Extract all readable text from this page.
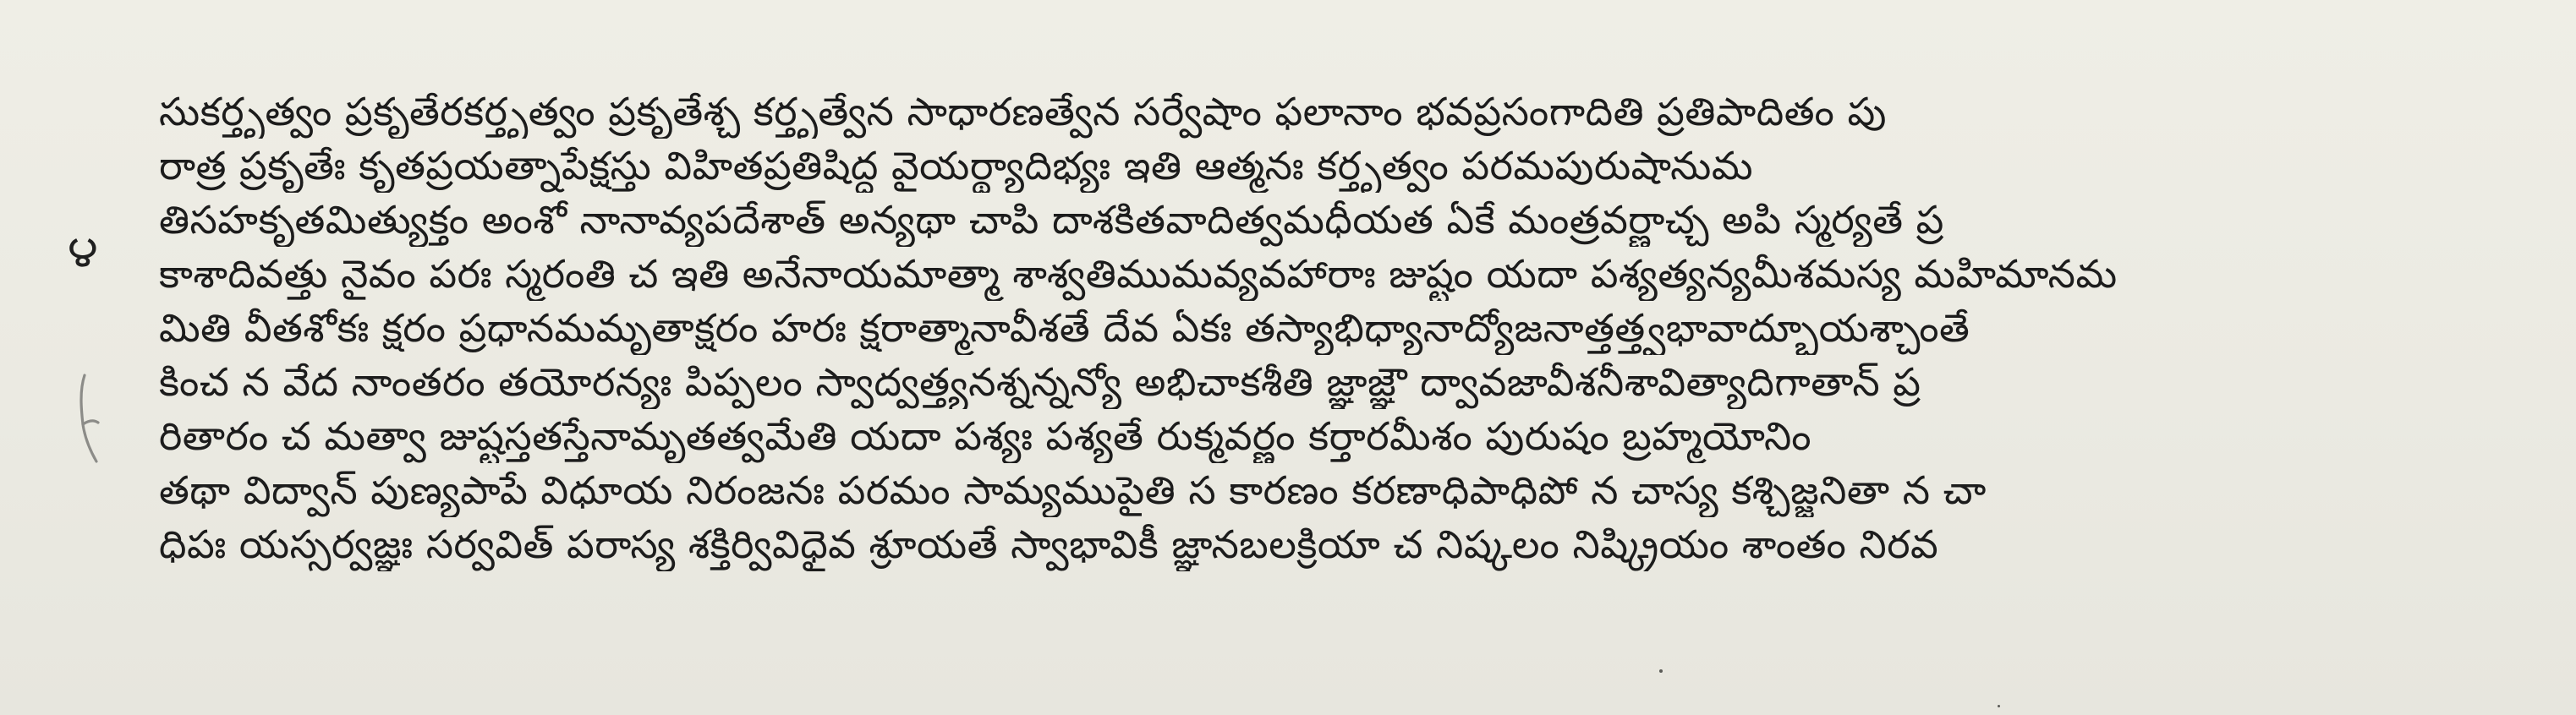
౪
సుకర్తృత్వం ప్రకృతేరకర్తృత్వం ప్రకృతేశ్చ కర్తృత్వేన సాధారణత్వేన సర్వేషాం ఫలానాం భవప్రసంగాదితి ప్రతిపాదితం పు
రాత్ర ప్రకృతేః కృతప్రయత్నాపేక్షస్తు విహితప్రతిషిద్ధ వైయర్థ్యాదిభ్యః ఇతి ఆత్మనః కర్తృత్వం పరమపురుషానుమ
తిసహకృతమిత్యుక్తం అంశో నానావ్యపదేశాత్ అన్యథా చాపి దాశకితవాదిత్వమధీయత ఏకే మంత్రవర్ణాచ్చ అపి స్మర్యతే ప్ర
కాశాదివత్తు నైవం పరః స్మరంతి చ ఇతి అనేనాయమాత్మా శాశ్వతిముమవ్యవహారాః జుష్టం యదా పశ్యత్యన్యమీశమస్య మహిమానమ
మితి వీతశోకః క్షరం ప్రధానమమృతాక్షరం హరః క్షరాత్మానావీశతే దేవ ఏకః తస్యాభిధ్యానాద్యోజనాత్తత్త్వభావాద్భూయశ్చాంతే
కించ న వేద నాంతరం తయోరన్యః పిప్పలం స్వాద్వత్త్యనశ్నన్నన్యో అభిచాకశీతి జ్ఞాజ్ఞౌ ద్వావజావీశనీశావిత్యాదిగాతాన్ ప్ర
రితారం చ మత్వా జుష్టస్తతస్తేనామృతత్వమేతి యదా పశ్యః పశ్యతే రుక్మవర్ణం కర్తారమీశం పురుషం బ్రహ్మయోనిం
తథా విద్వాన్ పుణ్యపాపే విధూయ నిరంజనః పరమం సామ్యముపైతి స కారణం కరణాధిపాధిపో న చాస్య కశ్చిజ్జనితా న చా
ధిపః యస్సర్వజ్ఞః సర్వవిత్ పరాస్య శక్తిర్వివిధైవ శ్రూయతే స్వాభావికీ జ్ఞానబలక్రియా చ నిష్కలం నిష్క్రియం శాంతం నిరవ
